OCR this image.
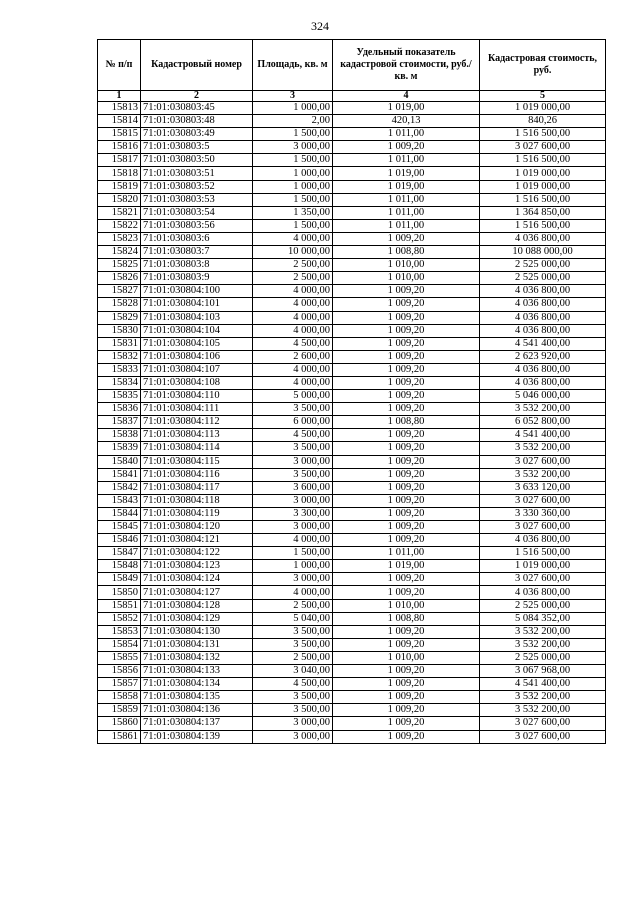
324
№ п/п	Кадастровый номер	Площадь, кв. м	Удельный показатель кадастровой стоимости, руб./кв. м	Кадастровая стоимость, руб.
1	2	3	4	5
15813	71:01:030803:45	1 000,00	1 019,00	1 019 000,00
15814	71:01:030803:48	2,00	420,13	840,26
15815	71:01:030803:49	1 500,00	1 011,00	1 516 500,00
15816	71:01:030803:5	3 000,00	1 009,20	3 027 600,00
15817	71:01:030803:50	1 500,00	1 011,00	1 516 500,00
15818	71:01:030803:51	1 000,00	1 019,00	1 019 000,00
15819	71:01:030803:52	1 000,00	1 019,00	1 019 000,00
15820	71:01:030803:53	1 500,00	1 011,00	1 516 500,00
15821	71:01:030803:54	1 350,00	1 011,00	1 364 850,00
15822	71:01:030803:56	1 500,00	1 011,00	1 516 500,00
15823	71:01:030803:6	4 000,00	1 009,20	4 036 800,00
15824	71:01:030803:7	10 000,00	1 008,80	10 088 000,00
15825	71:01:030803:8	2 500,00	1 010,00	2 525 000,00
15826	71:01:030803:9	2 500,00	1 010,00	2 525 000,00
15827	71:01:030804:100	4 000,00	1 009,20	4 036 800,00
15828	71:01:030804:101	4 000,00	1 009,20	4 036 800,00
15829	71:01:030804:103	4 000,00	1 009,20	4 036 800,00
15830	71:01:030804:104	4 000,00	1 009,20	4 036 800,00
15831	71:01:030804:105	4 500,00	1 009,20	4 541 400,00
15832	71:01:030804:106	2 600,00	1 009,20	2 623 920,00
15833	71:01:030804:107	4 000,00	1 009,20	4 036 800,00
15834	71:01:030804:108	4 000,00	1 009,20	4 036 800,00
15835	71:01:030804:110	5 000,00	1 009,20	5 046 000,00
15836	71:01:030804:111	3 500,00	1 009,20	3 532 200,00
15837	71:01:030804:112	6 000,00	1 008,80	6 052 800,00
15838	71:01:030804:113	4 500,00	1 009,20	4 541 400,00
15839	71:01:030804:114	3 500,00	1 009,20	3 532 200,00
15840	71:01:030804:115	3 000,00	1 009,20	3 027 600,00
15841	71:01:030804:116	3 500,00	1 009,20	3 532 200,00
15842	71:01:030804:117	3 600,00	1 009,20	3 633 120,00
15843	71:01:030804:118	3 000,00	1 009,20	3 027 600,00
15844	71:01:030804:119	3 300,00	1 009,20	3 330 360,00
15845	71:01:030804:120	3 000,00	1 009,20	3 027 600,00
15846	71:01:030804:121	4 000,00	1 009,20	4 036 800,00
15847	71:01:030804:122	1 500,00	1 011,00	1 516 500,00
15848	71:01:030804:123	1 000,00	1 019,00	1 019 000,00
15849	71:01:030804:124	3 000,00	1 009,20	3 027 600,00
15850	71:01:030804:127	4 000,00	1 009,20	4 036 800,00
15851	71:01:030804:128	2 500,00	1 010,00	2 525 000,00
15852	71:01:030804:129	5 040,00	1 008,80	5 084 352,00
15853	71:01:030804:130	3 500,00	1 009,20	3 532 200,00
15854	71:01:030804:131	3 500,00	1 009,20	3 532 200,00
15855	71:01:030804:132	2 500,00	1 010,00	2 525 000,00
15856	71:01:030804:133	3 040,00	1 009,20	3 067 968,00
15857	71:01:030804:134	4 500,00	1 009,20	4 541 400,00
15858	71:01:030804:135	3 500,00	1 009,20	3 532 200,00
15859	71:01:030804:136	3 500,00	1 009,20	3 532 200,00
15860	71:01:030804:137	3 000,00	1 009,20	3 027 600,00
15861	71:01:030804:139	3 000,00	1 009,20	3 027 600,00
